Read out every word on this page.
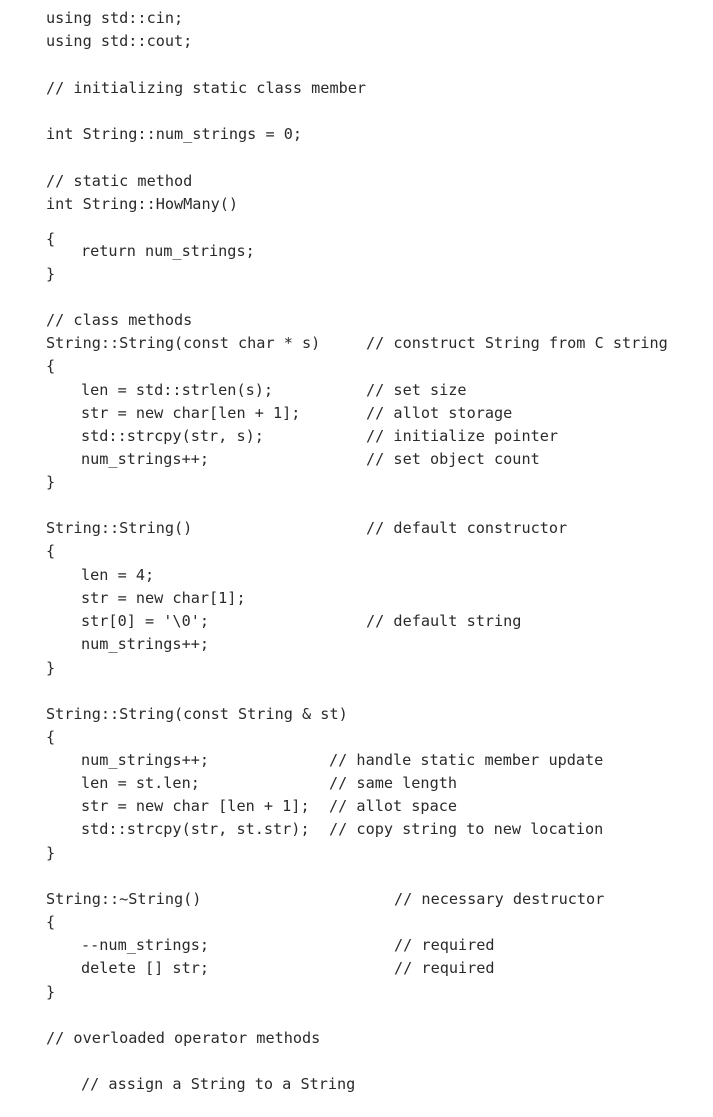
using std::cin;

using std::cout;

// initializing static class member

int String::num_strings = 0;

// static method

int String::HowMany()

{

return num_strings;

}

// class methods

String::String(const char * s)	// construct String from C string

{

len = std::strlen(s);	// set size

str = new char[len + 1];	// allot storage

std::strcpy(str, s);	// initialize pointer

num_strings++;	// set object count

}

String::String()	// default constructor

{

len = 4;

str = new char[1];

str[0] = '\0';	// default string

num_strings++;

}

String::String(const String & st)

{

num_strings++;	// handle static member update

len = st.len;	// same length

str = new char [len + 1]; // allot space

std::strcpy(str, st.str); // copy string to new location

}

String::~String()	// necessary destructor

{

--num_strings;	// required

delete [] str;	// required

}

// overloaded operator methods

// assign a String to a String
